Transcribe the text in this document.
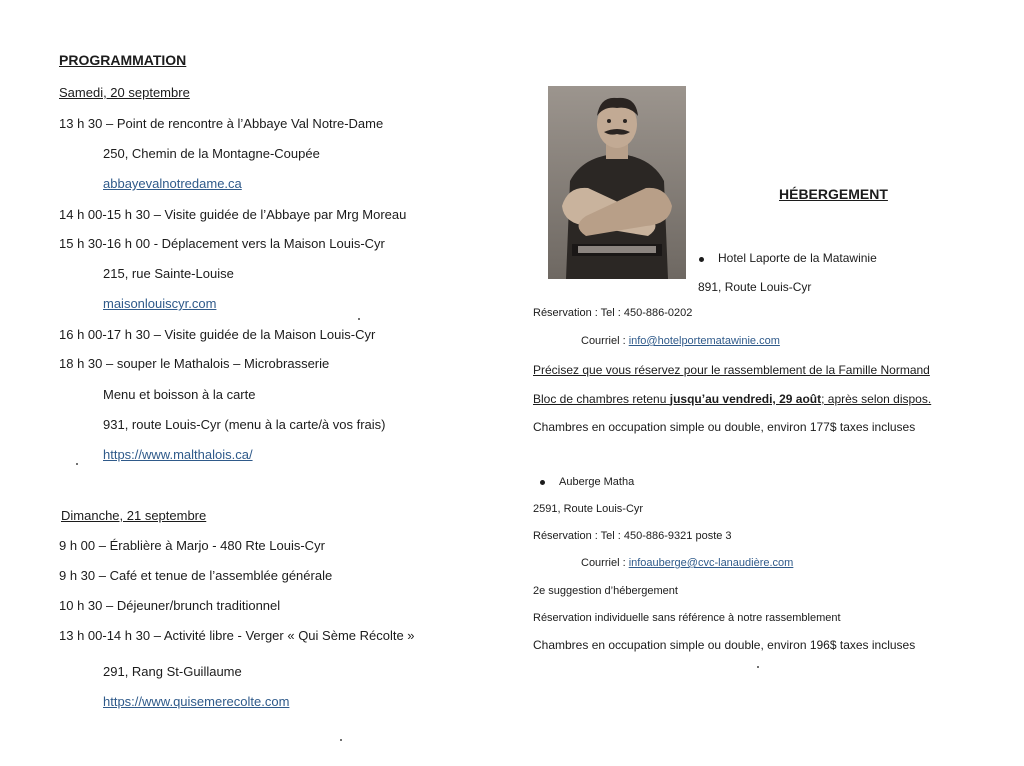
PROGRAMMATION
Samedi, 20 septembre
13 h 30 – Point de rencontre à l’Abbaye Val Notre-Dame
250, Chemin de la Montagne-Coupée
abbayevalnotredame.ca
14 h 00-15 h 30 – Visite guidée de l’Abbaye par Mrg Moreau
15 h 30-16 h 00 - Déplacement vers la Maison Louis-Cyr
215, rue Sainte-Louise
maisonlouiscyr.com
16 h 00-17 h 30 – Visite guidée de la Maison Louis-Cyr
18 h 30 – souper le Mathalois – Microbrasserie
Menu et boisson à la carte
931, route Louis-Cyr (menu à la carte/à vos frais)
https://www.malthalois.ca/
Dimanche, 21 septembre
9 h 00 – Érablière à Marjo - 480 Rte Louis-Cyr
9 h 30 – Café et tenue de l’assemblée générale
10 h 30 – Déjeuner/brunch traditionnel
13 h 00-14 h 30 – Activité libre - Verger « Qui Sème Récolte »
291, Rang St-Guillaume
https://www.quisemerecolte.com
HÉBERGEMENT
Hotel Laporte de la Matawinie
891, Route Louis-Cyr
Réservation : Tel : 450-886-0202
Courriel : info@hotelportematawinie.com
Précisez que vous réservez pour le rassemblement de la Famille Normand
Bloc de chambres retenu jusqu’au vendredi, 29 août; après selon dispos.
Chambres en occupation simple ou double, environ 177$ taxes incluses
Auberge Matha
2591, Route Louis-Cyr
Réservation : Tel : 450-886-9321 poste 3
Courriel : infoauberge@cvc-lanaudière.com
2e suggestion d’hébergement
Réservation individuelle sans référence à notre rassemblement
Chambres en occupation simple ou double, environ 196$ taxes incluses
